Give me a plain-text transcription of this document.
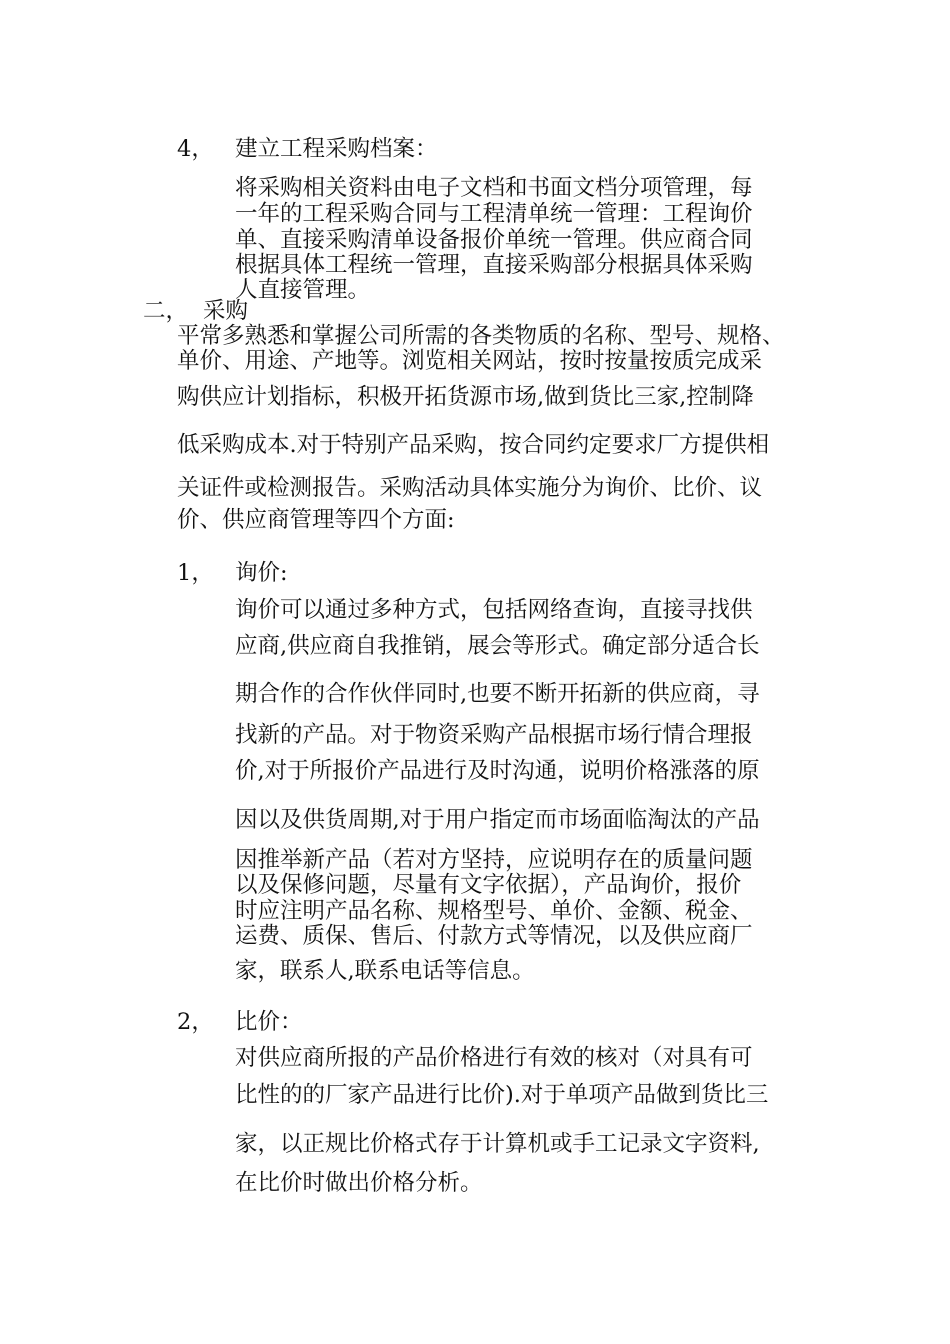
4， 建立工程采购档案：
将采购相关资料由电子文档和书面文档分项管理，每
一年的工程采购合同与工程清单统一管理：工程询价
单、直接采购清单设备报价单统一管理。供应商合同
根据具体工程统一管理，直接采购部分根据具体采购
人直接管理。
二， 采购
平常多熟悉和掌握公司所需的各类物质的名称、型号、规格、
单价、用途、产地等。浏览相关网站，按时按量按质完成采
购供应计划指标，积极开拓货源市场,做到货比三家,控制降
低采购成本.对于特别产品采购，按合同约定要求厂方提供相
关证件或检测报告。采购活动具体实施分为询价、比价、议
价、供应商管理等四个方面:
1， 询价:
询价可以通过多种方式，包括网络查询，直接寻找供
应商,供应商自我推销，展会等形式。确定部分适合长
期合作的合作伙伴同时,也要不断开拓新的供应商，寻
找新的产品。对于物资采购产品根据市场行情合理报
价,对于所报价产品进行及时沟通，说明价格涨落的原
因以及供货周期,对于用户指定而市场面临淘汰的产品
因推举新产品（若对方坚持，应说明存在的质量问题
以及保修问题，尽量有文字依据），产品询价，报价
时应注明产品名称、规格型号、单价、金额、税金、
运费、质保、售后、付款方式等情况，以及供应商厂
家，联系人,联系电话等信息。
2， 比价：
对供应商所报的产品价格进行有效的核对（对具有可
比性的的厂家产品进行比价).对于单项产品做到货比三
家，以正规比价格式存于计算机或手工记录文字资料,
在比价时做出价格分析。
